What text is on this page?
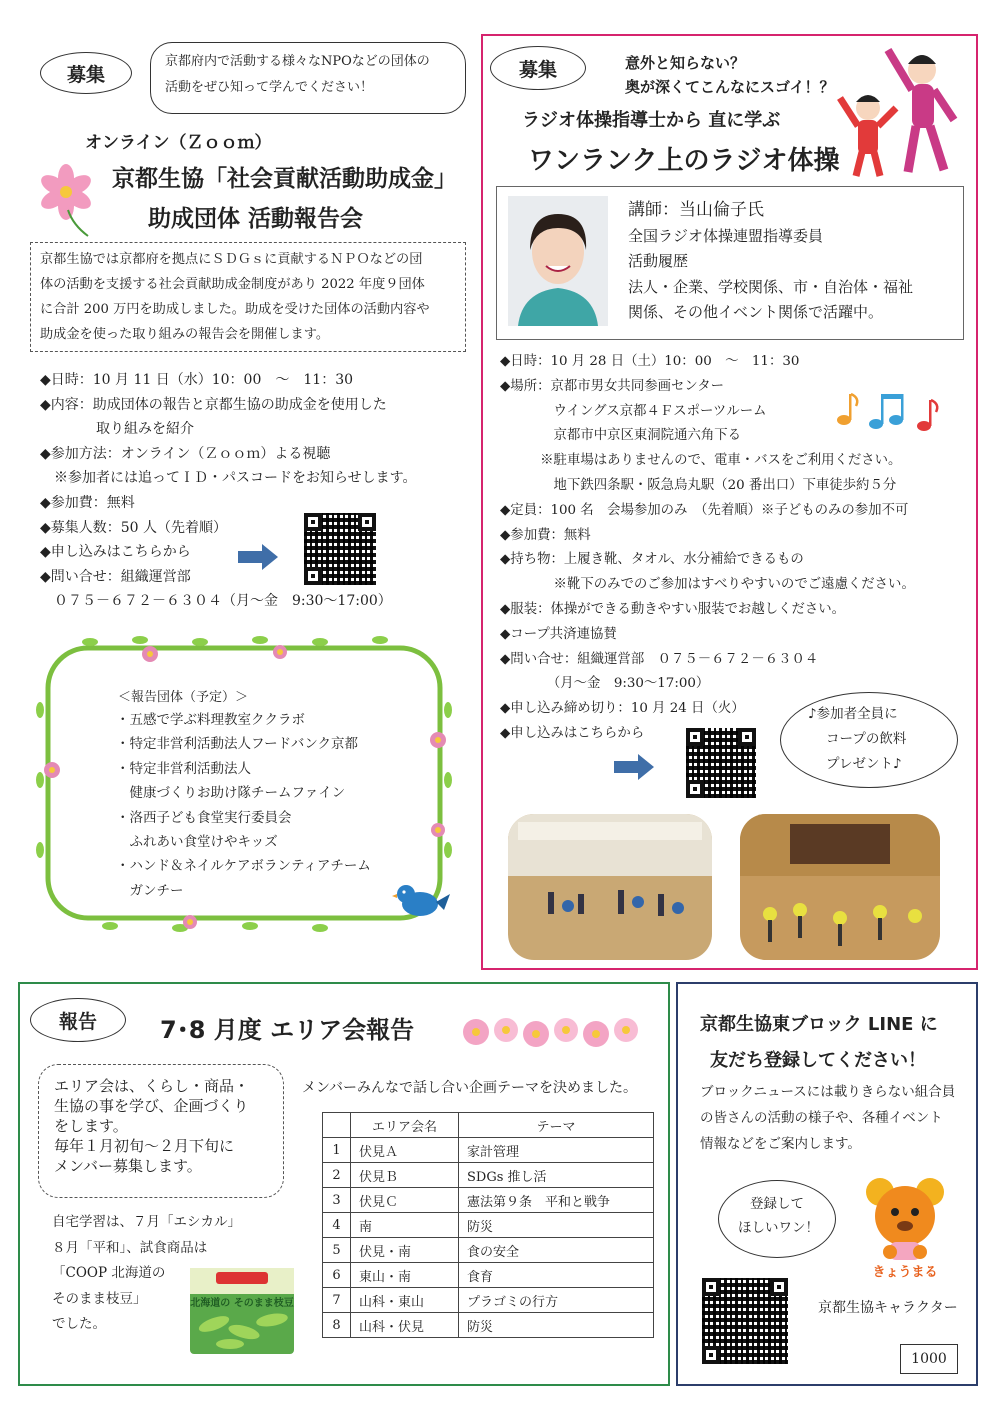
募集
京都府内で活動する様々なNPOなどの団体の
活動をぜひ知って学んでください！
オンライン（Ｚｏｏｍ）
京都生協「社会貢献活動助成金」
助成団体 活動報告会
京都生協では京都府を拠点にＳＤＧｓに貢献するＮＰＯなどの団
体の活動を支援する社会貢献助成金制度があり 2022 年度９団体
に合計 200 万円を助成しました。助成を受けた団体の活動内容や
助成金を使った取り組みの報告会を開催します。
◆日時：10 月 11 日（水）10：00　～　11：30
◆内容：助成団体の報告と京都生協の助成金を使用した
　　　　取り組みを紹介
◆参加方法：オンライン（Ｚｏｏｍ）よる視聴
　※参加者には追ってＩＤ・パスコードをお知らせします。
◆参加費：無料
◆募集人数：50 人（先着順）
◆申し込みはこちらから
◆問い合せ：組織運営部
　０７５－６７２－６３０４（月～金　9:30～17:00）
＜報告団体（予定）＞
・五感で学ぶ料理教室ククラボ
・特定非営利活動法人フードバンク京都
・特定非営利活動法人
　健康づくりお助け隊チームファイン
・洛西子ども食堂実行委員会
　ふれあい食堂けやキッズ
・ハンド＆ネイルケアボランティアチーム
　ガンチー
募集	意外と知らない？
奥が深くてこんなにスゴイ！？
ラジオ体操指導士から 直に学ぶ
ワンランク上のラジオ体操
講師：当山倫子氏
全国ラジオ体操連盟指導委員
活動履歴
法人・企業、学校関係、市・自治体・福祉
関係、その他イベント関係で活躍中。
◆日時：10 月 28 日（土）10：00　～　11：30
◆場所：京都市男女共同参画センター
　　　　ウイングス京都４Ｆスポーツルーム
　　　　京都市中京区東洞院通六角下る
　　　※駐車場はありませんので、電車・バスをご利用ください。
　　　　地下鉄四条駅・阪急烏丸駅（20 番出口）下車徒歩約５分
◆定員：100 名　会場参加のみ　（先着順）※子どものみの参加不可
◆参加費：無料
◆持ち物：上履き靴、タオル、水分補給できるもの
　　　　※靴下のみでのご参加はすべりやすいのでご遠慮ください。
◆服装：体操ができる動きやすい服装でお越しください。
◆コープ共済連協賛
◆問い合せ：組織運営部　０７５－６７２－６３０４
　　　　（月～金　9:30～17:00）
◆申し込み締め切り：10 月 24 日（火）
◆申し込みはこちらから
♪参加者全員に
コープの飲料
プレゼント♪
報告	7･8 月度 エリア会報告
エリア会は、くらし・商品・
生協の事を学び、企画づくり
をします。
毎年１月初旬～２月下旬に
メンバー募集します。
自宅学習は、７月「エシカル」
８月「平和」、試食商品は
「COOP 北海道の
そのまま枝豆」
でした。
北海道の そのまま枝豆
メンバーみんなで話し合い企画テーマを決めました。
	エリア会名	テーマ
1	伏見Ａ	家計管理
2	伏見Ｂ	SDGs 推し活
3	伏見Ｃ	憲法第９条　平和と戦争
4	南	防災
5	伏見・南	食の安全
6	東山・南	食育
7	山科・東山	プラゴミの行方
8	山科・伏見	防災
京都生協東ブロック LINE に
友だち登録してください！
ブロックニュースには載りきらない組合員
の皆さんの活動の様子や、各種イベント
情報などをご案内します。
登録して
ほしいワン！
きょうまる
京都生協キャラクター
1000
